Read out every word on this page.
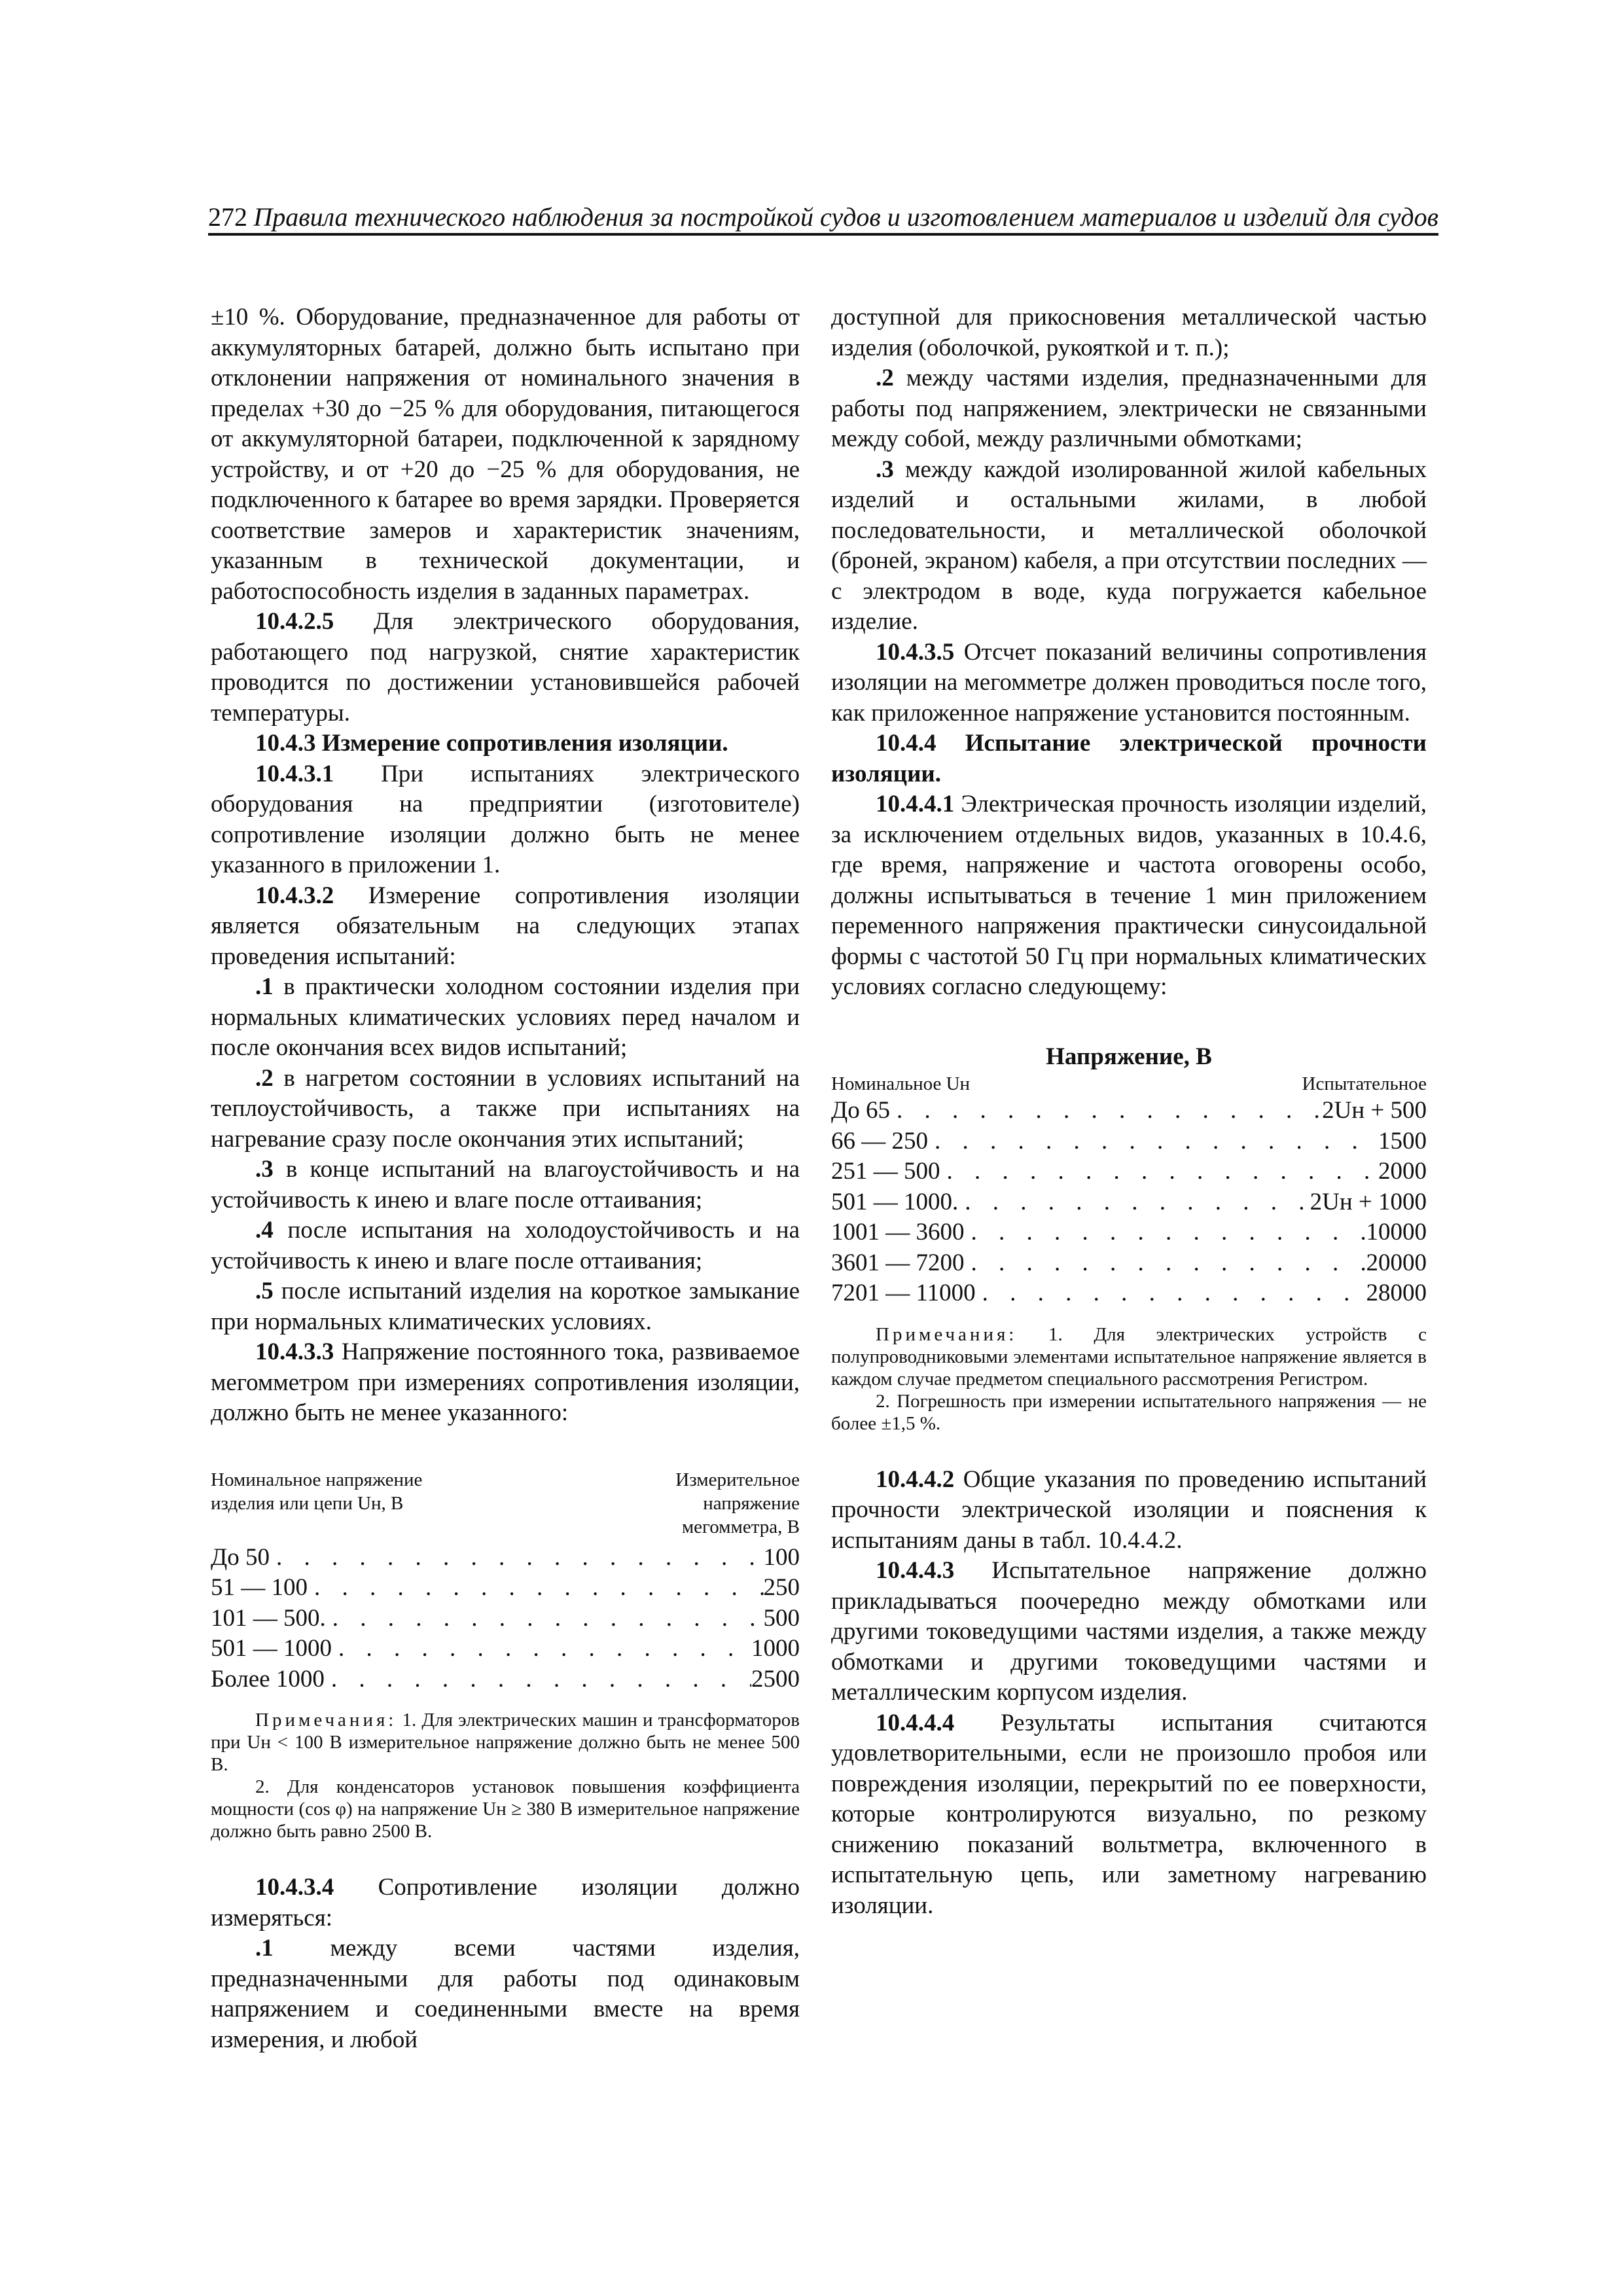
272 Правила технического наблюдения за постройкой судов и изготовлением материалов и изделий для судов

±10 %. Оборудование, предназначенное для работы от аккумуляторных батарей, должно быть испытано при отклонении напряжения от номинального значения в пределах +30 до −25 % для оборудования, питающегося от аккумуляторной батареи, подключенной к зарядному устройству, и от +20 до −25 % для оборудования, не подключенного к батарее во время зарядки. Проверяется соответствие замеров и характеристик значениям, указанным в технической документации, и работоспособность изделия в заданных параметрах.

10.4.2.5 Для электрического оборудования, работающего под нагрузкой, снятие характеристик проводится по достижении установившейся рабочей температуры.

10.4.3 Измерение сопротивления изоляции.

10.4.3.1 При испытаниях электрического оборудования на предприятии (изготовителе) сопротивление изоляции должно быть не менее указанного в приложении 1.

10.4.3.2 Измерение сопротивления изоляции является обязательным на следующих этапах проведения испытаний:

.1 в практически холодном состоянии изделия при нормальных климатических условиях перед началом и после окончания всех видов испытаний;

.2 в нагретом состоянии в условиях испытаний на теплоустойчивость, а также при испытаниях на нагревание сразу после окончания этих испытаний;

.3 в конце испытаний на влагоустойчивость и на устойчивость к инею и влаге после оттаивания;

.4 после испытания на холодоустойчивость и на устойчивость к инею и влаге после оттаивания;

.5 после испытаний изделия на короткое замыкание при нормальных климатических условиях.

10.4.3.3 Напряжение постоянного тока, развиваемое мегомметром при измерениях сопротивления изоляции, должно быть не менее указанного:

Номинальное напряжение
изделия или цепи Uн, В
Измерительное
напряжение
мегомметра, В
До 50 . . .	100
51 — 100 . . .	250
101 — 500. . . .	500
501 — 1000 . . .	1000
Более 1000 . . .	2500
Примечания: 1. Для электрических машин и трансформаторов при Uн < 100 В измерительное напряжение должно быть не менее 500 В.
2. Для конденсаторов установок повышения коэффициента мощности (cos φ) на напряжение Uн ≥ 380 В измерительное напряжение должно быть равно 2500 В.

10.4.3.4 Сопротивление изоляции должно измеряться:

.1 между всеми частями изделия, предназначенными для работы под одинаковым напряжением и соединенными вместе на время измерения, и любой

доступной для прикосновения металлической частью изделия (оболочкой, рукояткой и т. п.);

.2 между частями изделия, предназначенными для работы под напряжением, электрически не связанными между собой, между различными обмотками;

.3 между каждой изолированной жилой кабельных изделий и остальными жилами, в любой последовательности, и металлической оболочкой (броней, экраном) кабеля, а при отсутствии последних — с электродом в воде, куда погружается кабельное изделие.

10.4.3.5 Отсчет показаний величины сопротивления изоляции на мегомметре должен проводиться после того, как приложенное напряжение установится постоянным.

10.4.4 Испытание электрической прочности изоляции.

10.4.4.1 Электрическая прочность изоляции изделий, за исключением отдельных видов, указанных в 10.4.6, где время, напряжение и частота оговорены особо, должны испытываться в течение 1 мин приложением переменного напряжения практически синусоидальной формы с частотой 50 Гц при нормальных климатических условиях согласно следующему:

Напряжение, В
Номинальное Uн	Испытательное
До 65 . . .	2Uн + 500
66 — 250 . . .	1500
251 — 500 . . .	2000
501 — 1000. . . .	2Uн + 1000
1001 — 3600 . . .	10000
3601 — 7200 . . .	20000
7201 — 11000 . . .	28000
Примечания: 1. Для электрических устройств с полупроводниковыми элементами испытательное напряжение является в каждом случае предметом специального рассмотрения Регистром.
2. Погрешность при измерении испытательного напряжения — не более ±1,5 %.

10.4.4.2 Общие указания по проведению испытаний прочности электрической изоляции и пояснения к испытаниям даны в табл. 10.4.4.2.

10.4.4.3 Испытательное напряжение должно прикладываться поочередно между обмотками или другими токоведущими частями изделия, а также между обмотками и другими токоведущими частями и металлическим корпусом изделия.

10.4.4.4 Результаты испытания считаются удовлетворительными, если не произошло пробоя или повреждения изоляции, перекрытий по ее поверхности, которые контролируются визуально, по резкому снижению показаний вольтметра, включенного в испытательную цепь, или заметному нагреванию изоляции.
